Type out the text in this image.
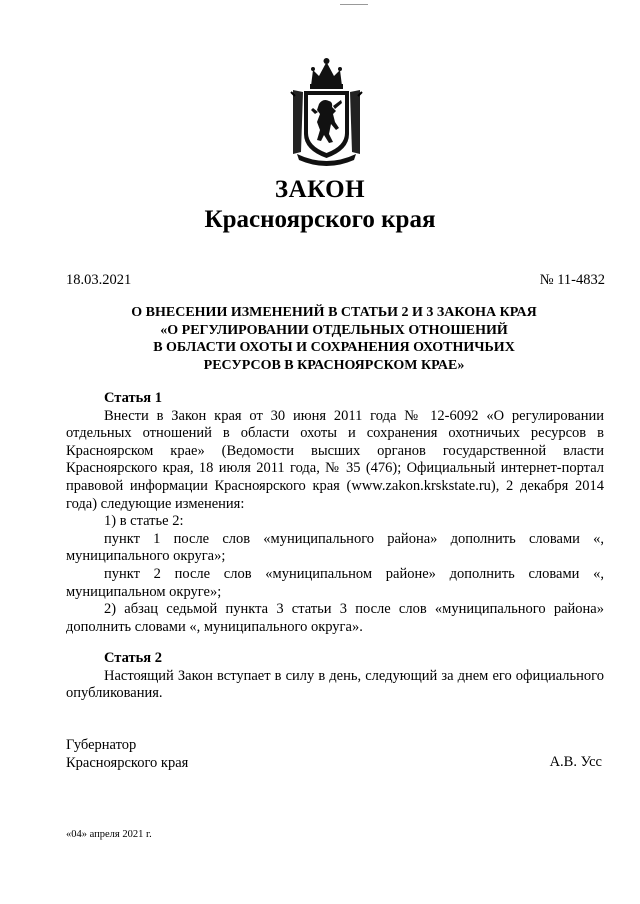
ЗАКОН
Красноярского края
18.03.2021	№ 11-4832
О ВНЕСЕНИИ ИЗМЕНЕНИЙ В СТАТЬИ 2 И 3 ЗАКОНА КРАЯ
«О РЕГУЛИРОВАНИИ ОТДЕЛЬНЫХ ОТНОШЕНИЙ
В ОБЛАСТИ ОХОТЫ И СОХРАНЕНИЯ ОХОТНИЧЬИХ
РЕСУРСОВ В КРАСНОЯРСКОМ КРАЕ»

Статья 1

Внести в Закон края от 30 июня 2011 года № 12-6092 «О регулировании отдельных отношений в области охоты и сохранения охотничьих ресурсов в Красноярском крае» (Ведомости высших органов государственной власти Красноярского края, 18 июля 2011 года, № 35 (476); Официальный интернет-портал правовой информации Красноярского края (www.zakon.krskstate.ru), 2 декабря 2014 года) следующие изменения:

1) в статье 2:

пункт 1 после слов «муниципального района» дополнить словами «, муниципального округа»;

пункт 2 после слов «муниципальном районе» дополнить словами «, муниципальном округе»;

2) абзац седьмой пункта 3 статьи 3 после слов «муниципального района» дополнить словами «, муниципального округа».

Статья 2

Настоящий Закон вступает в силу в день, следующий за днем его официального опубликования.

Губернатор
Красноярского края	А.В. Усс
«04» апреля 2021 г.
